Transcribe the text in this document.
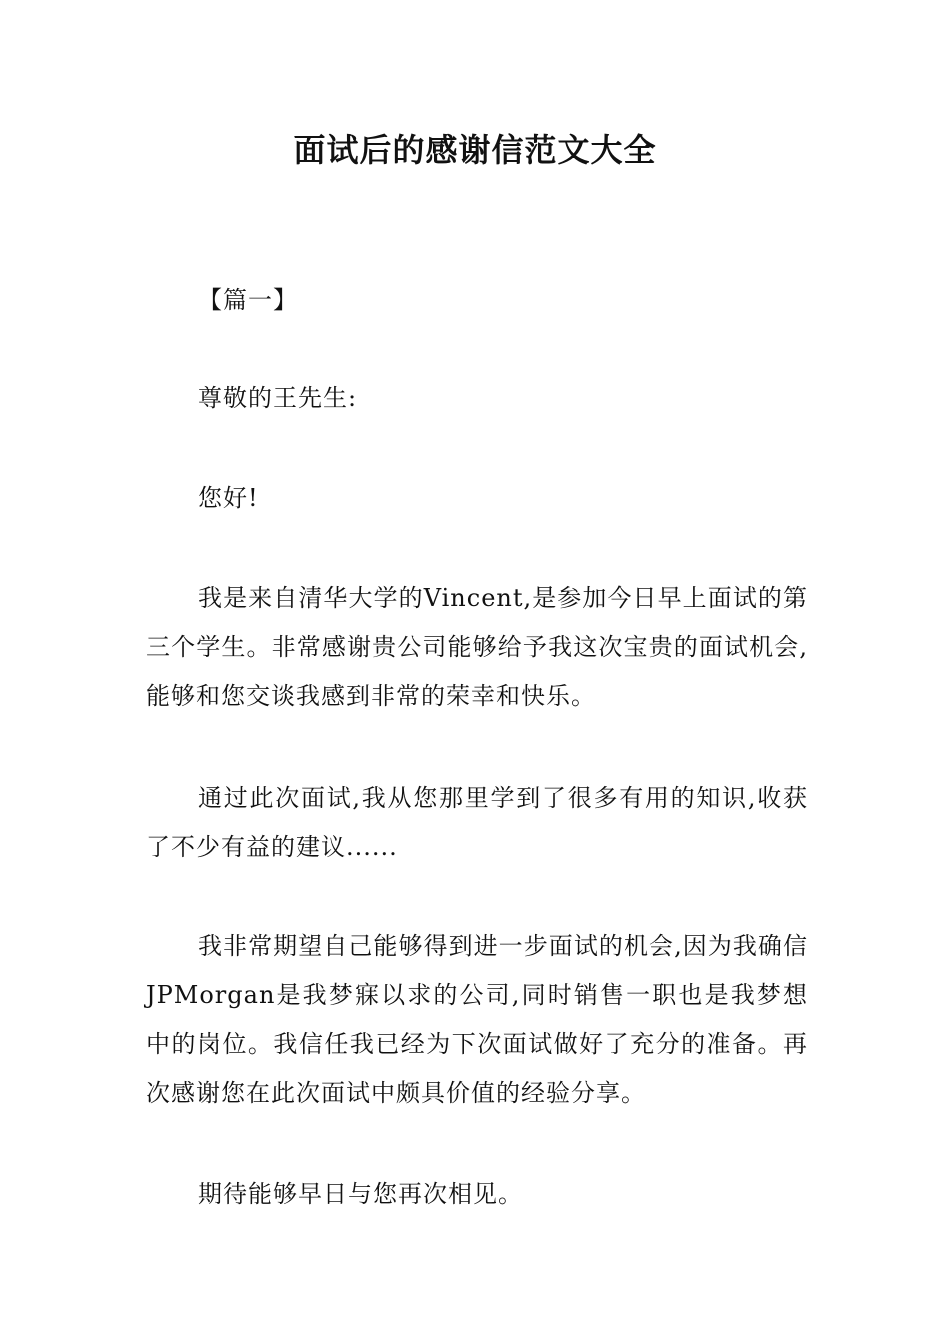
面试后的感谢信范文大全

【篇一】

尊敬的王先生:

您好!

我是来自清华大学的Vincent,是参加今日早上面试的第三个学生。非常感谢贵公司能够给予我这次宝贵的面试机会,能够和您交谈我感到非常的荣幸和快乐。

通过此次面试,我从您那里学到了很多有用的知识,收获了不少有益的建议......

我非常期望自己能够得到进一步面试的机会,因为我确信JPMorgan是我梦寐以求的公司,同时销售一职也是我梦想中的岗位。我信任我已经为下次面试做好了充分的准备。再次感谢您在此次面试中颇具价值的经验分享。

期待能够早日与您再次相见。
